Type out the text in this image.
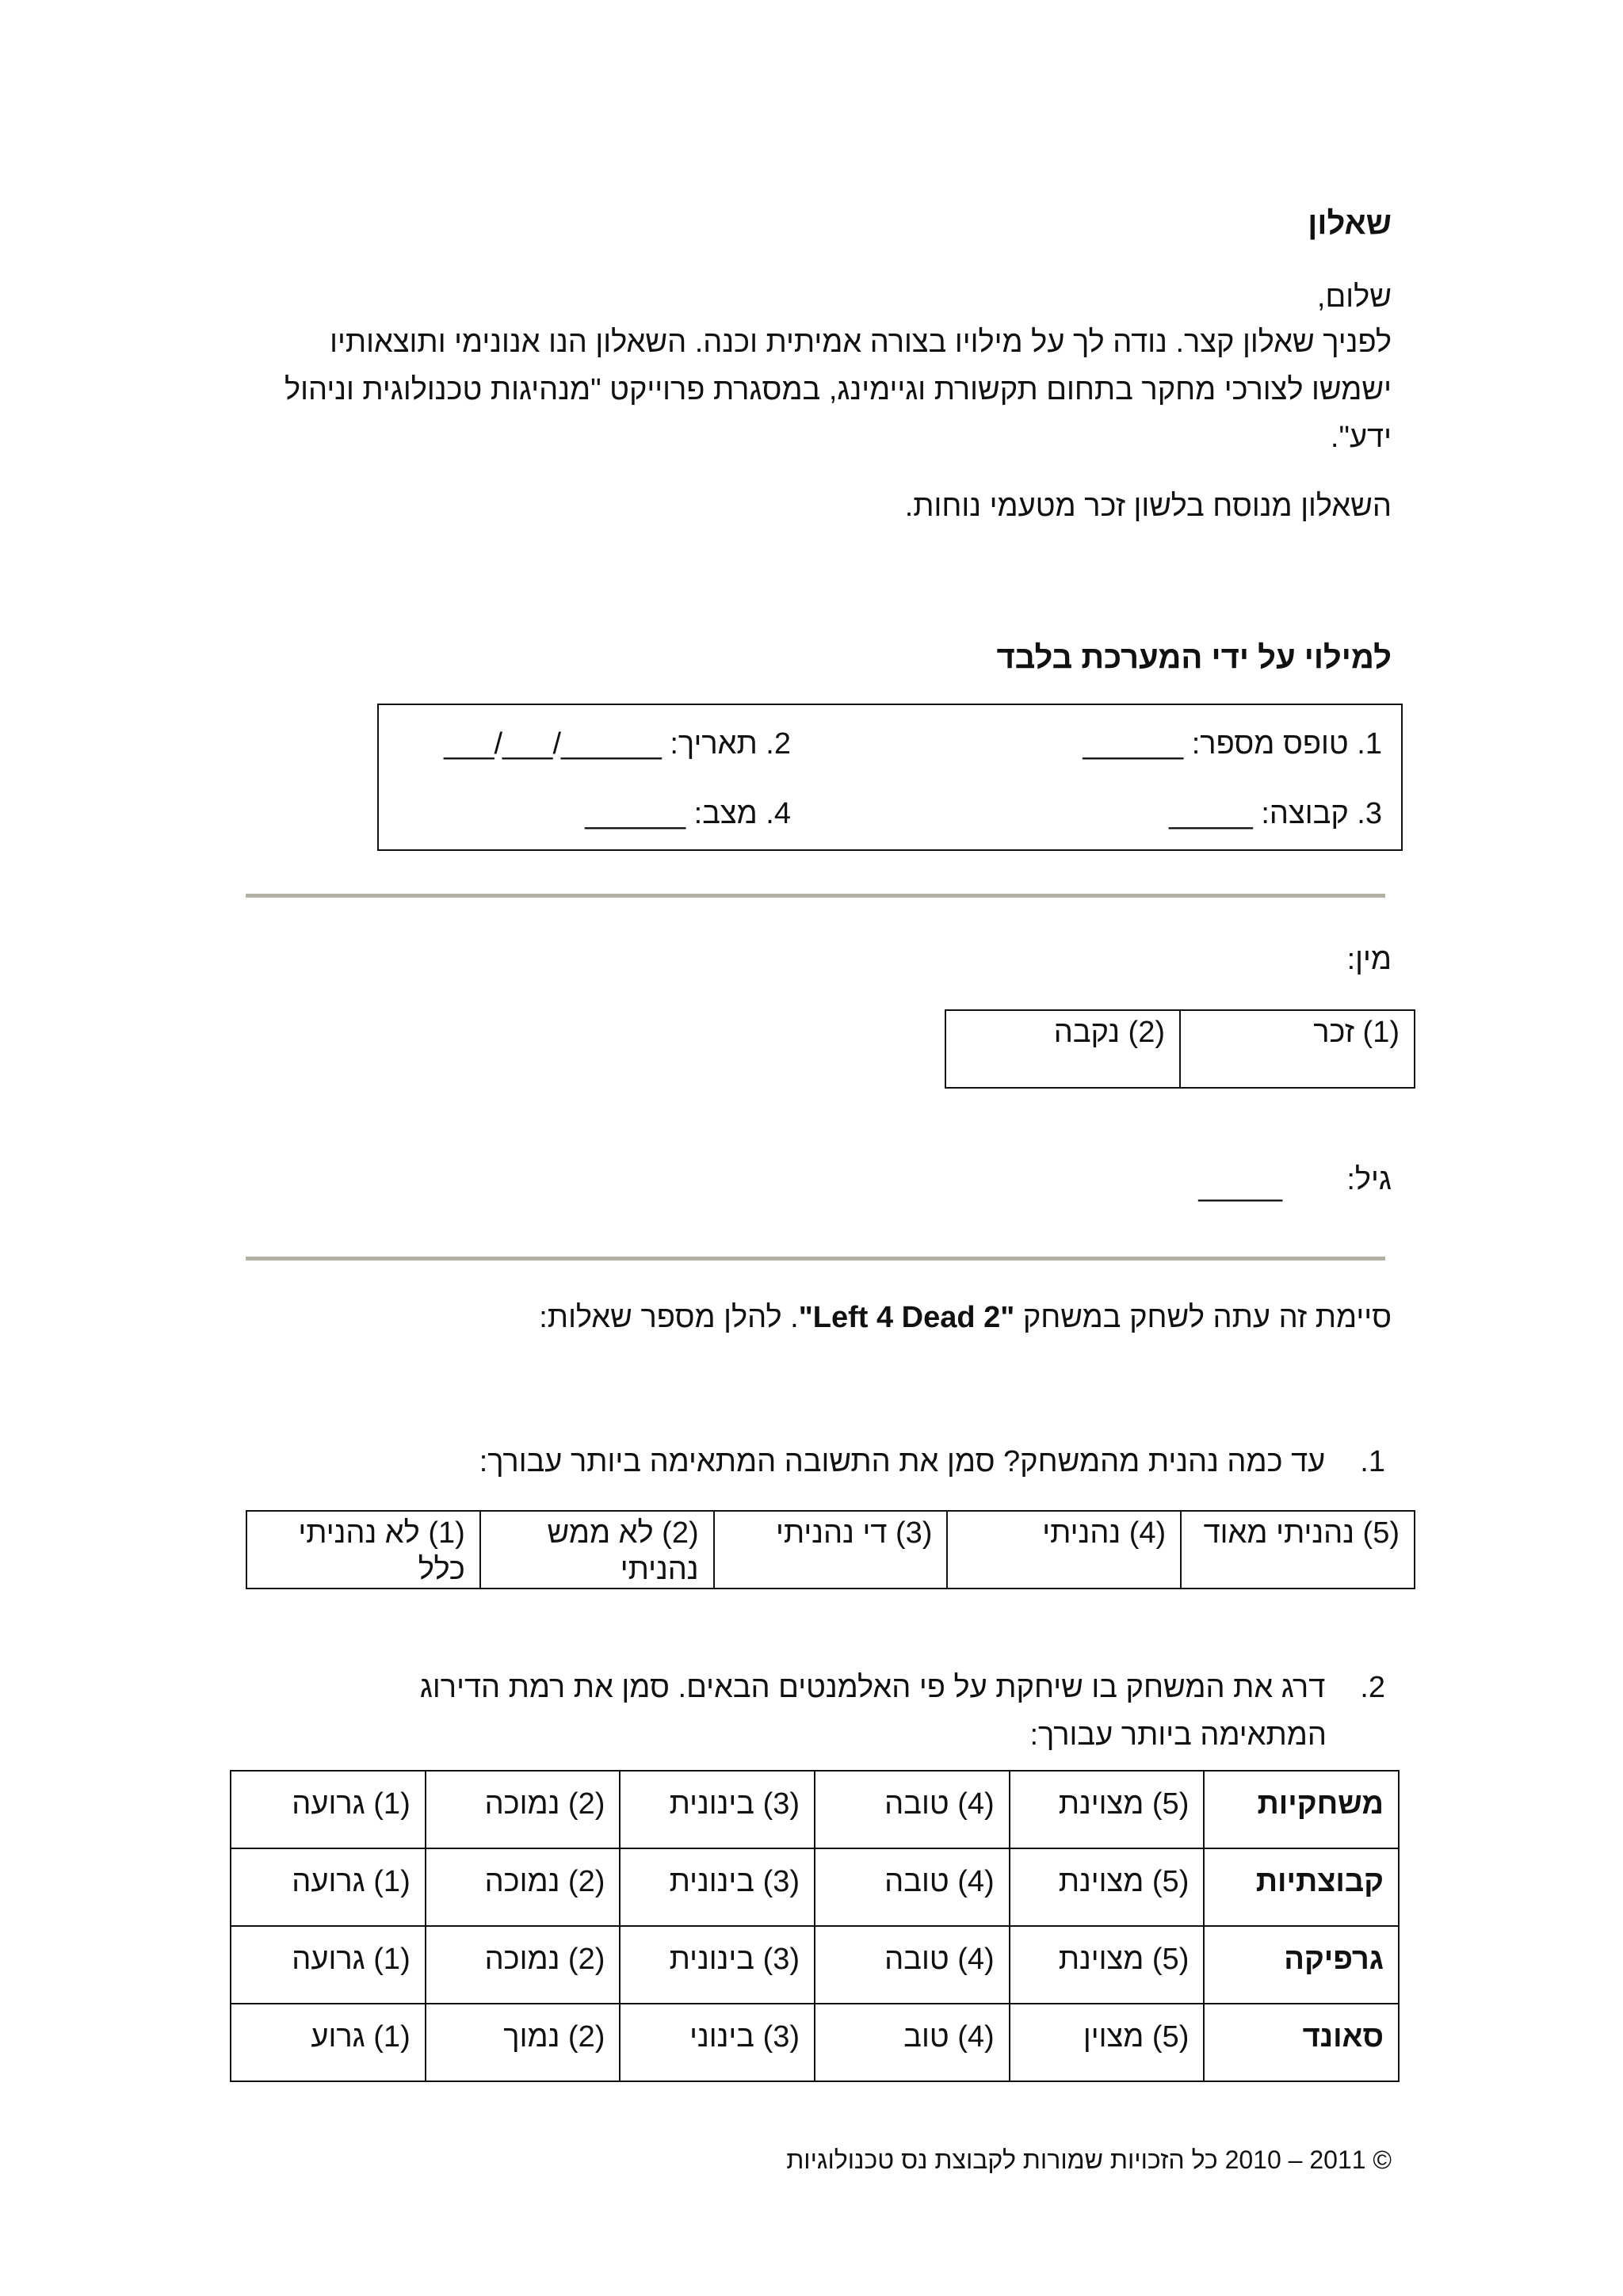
שאלון
שלום,
לפניך שאלון קצר. נודה לך על מילויו בצורה אמיתית וכנה. השאלון הנו אנונימי ותוצאותיו ישמשו לצורכי מחקר בתחום תקשורת וגיימינג, במסגרת פרוייקט "מנהיגות טכנולוגית וניהול ידע".
השאלון מנוסח בלשון זכר מטעמי נוחות.
למילוי על ידי המערכת בלבד
1. טופס מספר: ______
2. תאריך: ______/___/___
3. קבוצה: _____
4. מצב: ______
מין:
(1) זכר	(2) נקבה
גיל:
_____
סיימת זה עתה לשחק במשחק "Left 4 Dead 2". להלן מספר שאלות:
1.עד כמה נהנית מהמשחק? סמן את התשובה המתאימה ביותר עבורך:
(5) נהניתי מאוד	(4) נהניתי	(3) די נהניתי	(2) לא ממש נהניתי	(1) לא נהניתי כלל
2.
דרג את המשחק בו שיחקת על פי האלמנטים הבאים. סמן את רמת הדירוג המתאימה ביותר עבורך:
משחקיות	(5) מצוינת	(4) טובה	(3) בינונית	(2) נמוכה	(1) גרועה
קבוצתיות	(5) מצוינת	(4) טובה	(3) בינונית	(2) נמוכה	(1) גרועה
גרפיקה	(5) מצוינת	(4) טובה	(3) בינונית	(2) נמוכה	(1) גרועה
סאונד	(5) מצוין	(4) טוב	(3) בינוני	(2) נמוך	(1) גרוע
© 2011 – 2010 כל הזכויות שמורות לקבוצת נס טכנולוגיות
